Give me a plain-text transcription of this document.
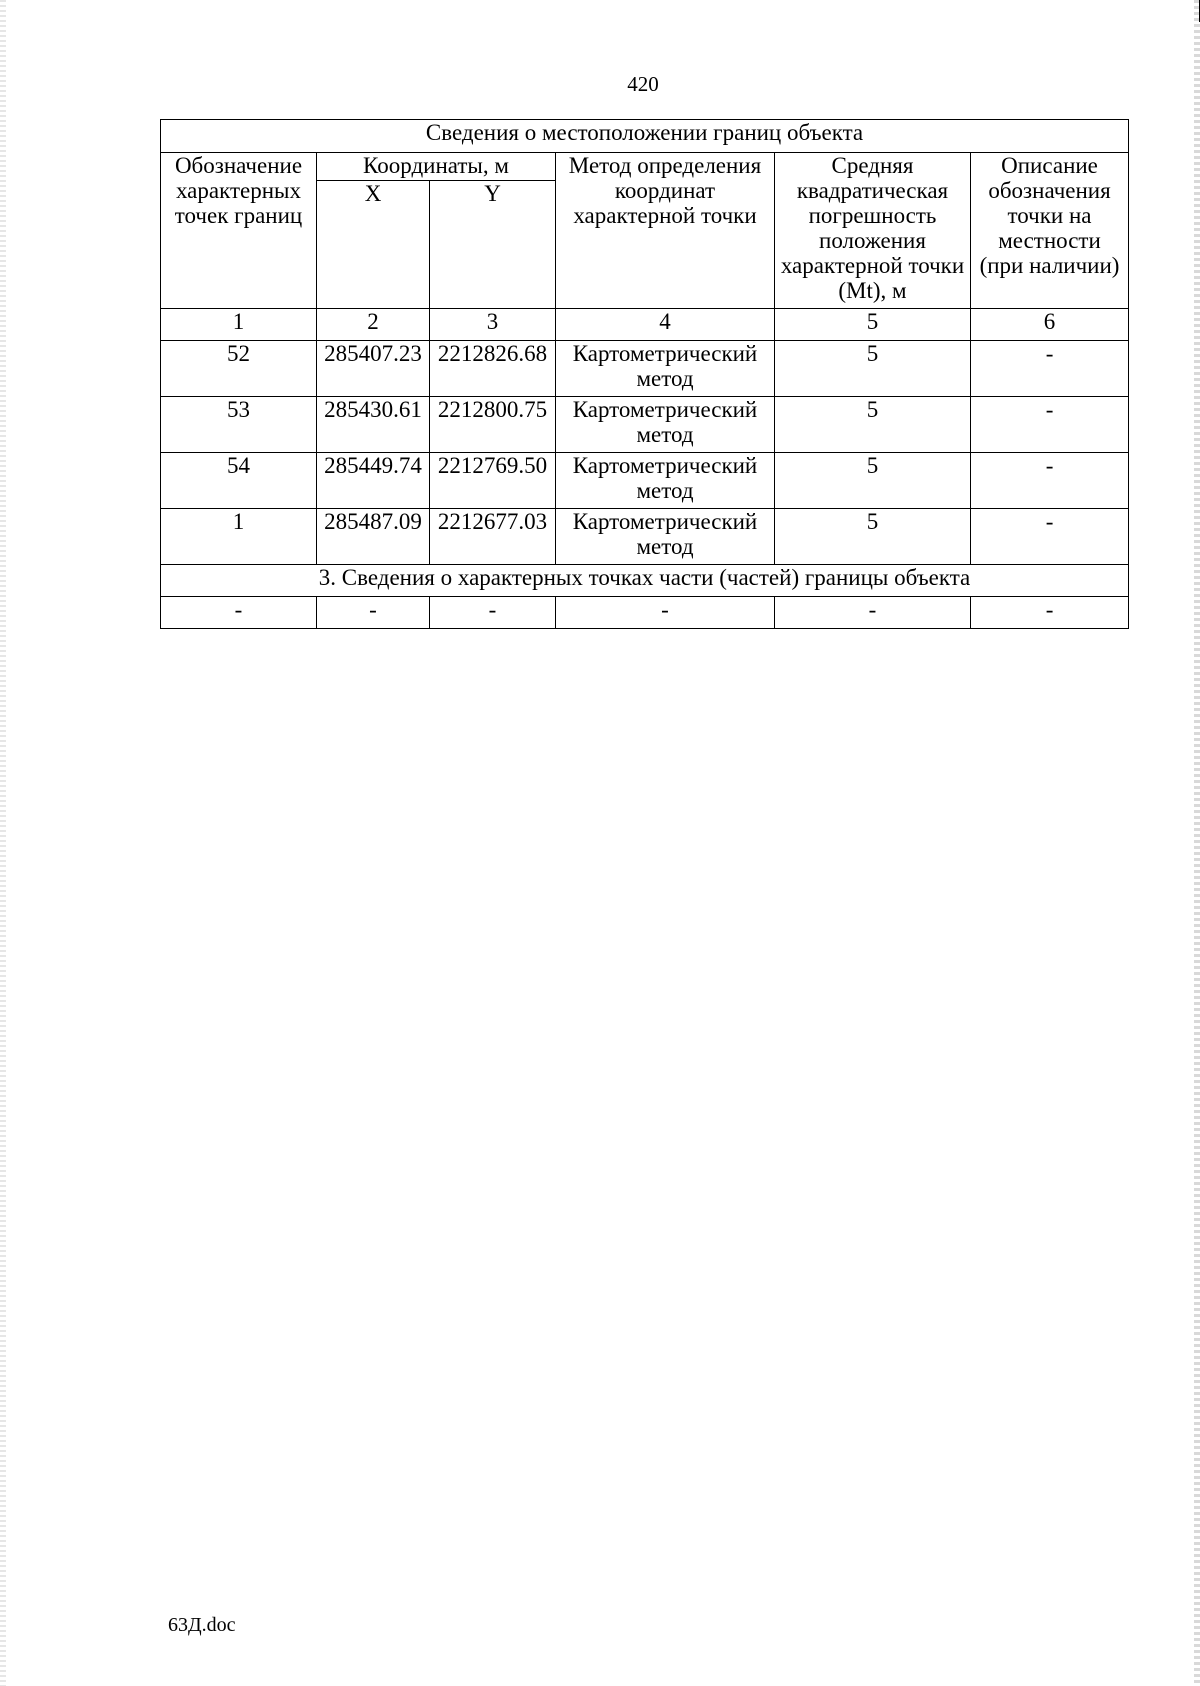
420
Сведения о местоположении границ объекта					
Обозначение характерных точек границ	Координаты, м		Метод определения координат характерной точки	Средняя квадратическая погрешность положения характерной точки (Mt), м	Описание обозначения точки на местности (при наличии)
	X	Y			
1	2	3	4	5	6
52	285407.23	2212826.68	Картометрический метод	5	-
53	285430.61	2212800.75	Картометрический метод	5	-
54	285449.74	2212769.50	Картометрический метод	5	-
1	285487.09	2212677.03	Картометрический метод	5	-
3. Сведения о характерных точках части (частей) границы объекта					
-	-	-	-	-	-
63Д.doc
